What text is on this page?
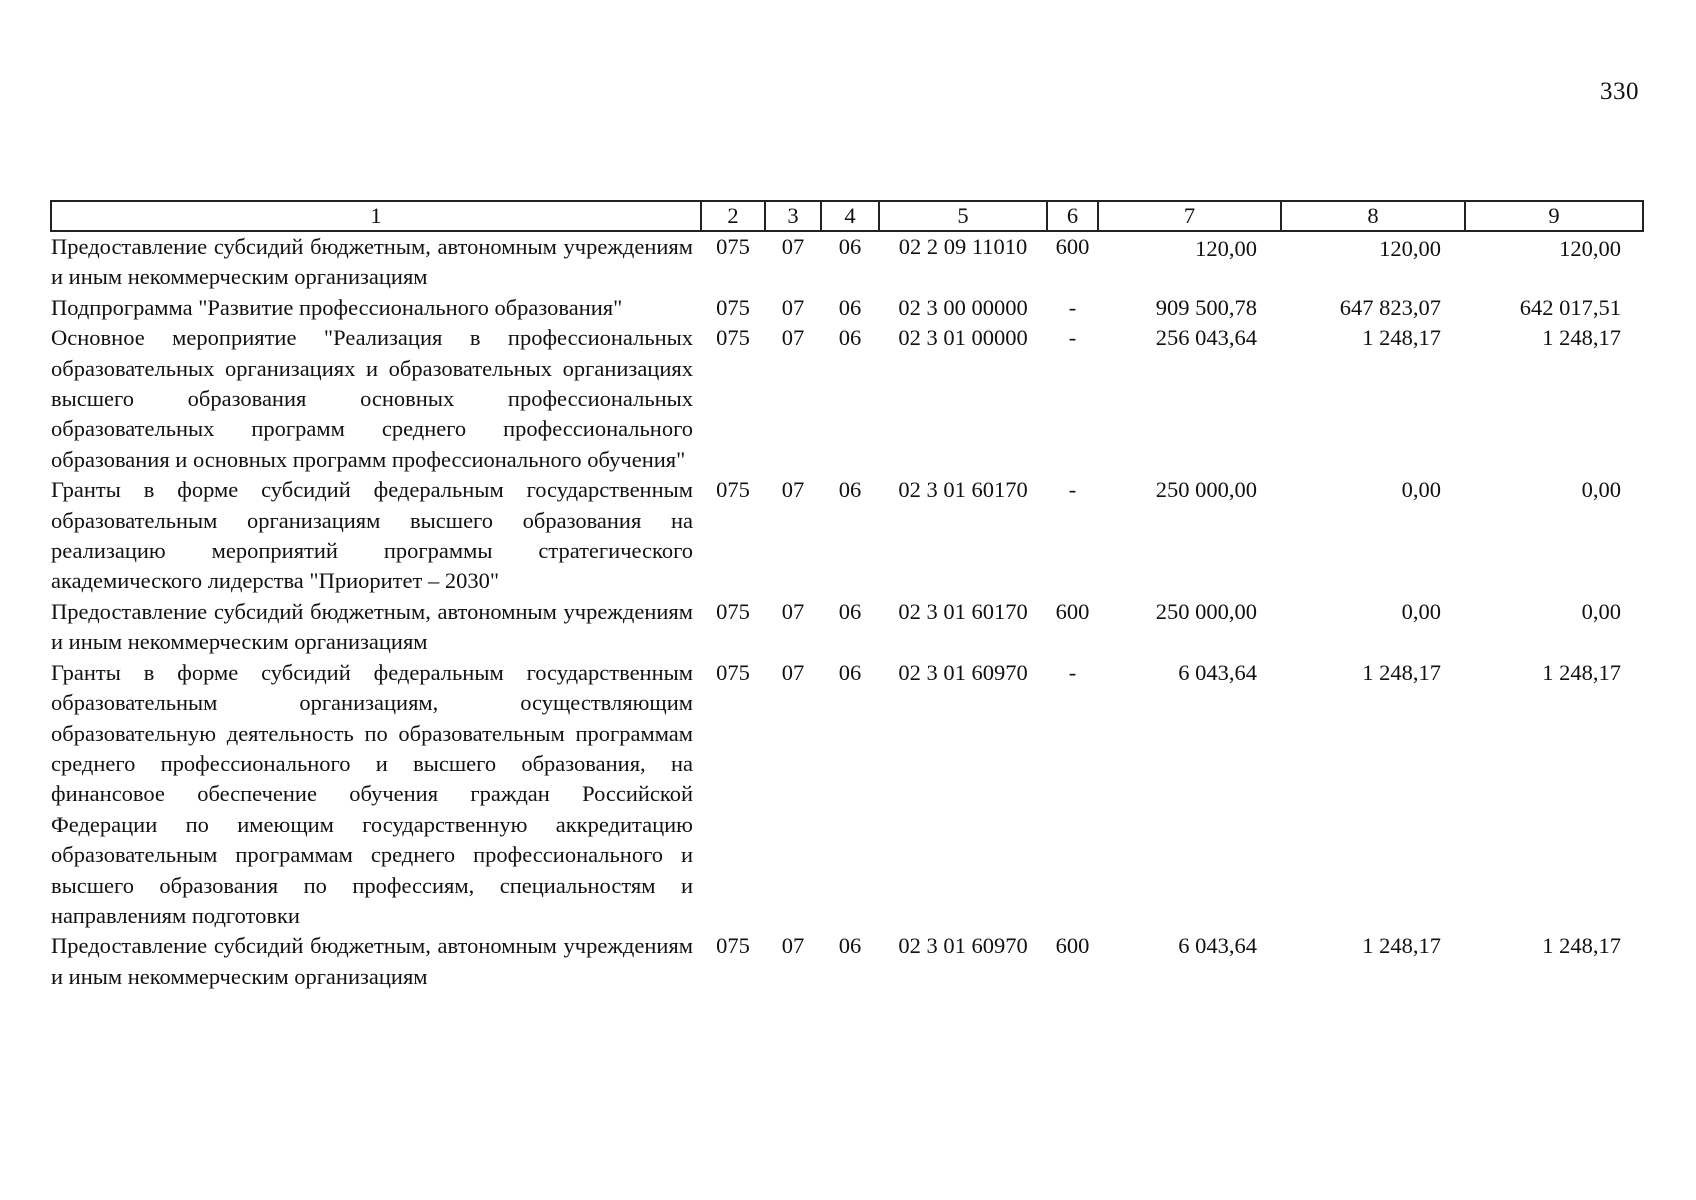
330
1	2	3	4	5	6	7	8	9
Предоставление субсидий бюджетным, автономным учреждениям и иным некоммерческим организациям	075	07	06	02 2 09 11010	600	120,00	120,00	120,00
Подпрограмма "Развитие профессионального образования"	075	07	06	02 3 00 00000	-	909 500,78	647 823,07	642 017,51
Основное мероприятие "Реализация в профессиональных образовательных организациях и образовательных организациях высшего образования основных профессиональных образовательных программ среднего профессионального образования и основных программ профессионального обучения"	075	07	06	02 3 01 00000	-	256 043,64	1 248,17	1 248,17
Гранты в форме субсидий федеральным государственным образовательным организациям высшего образования на реализацию мероприятий программы стратегического академического лидерства "Приоритет – 2030"	075	07	06	02 3 01 60170	-	250 000,00	0,00	0,00
Предоставление субсидий бюджетным, автономным учреждениям и иным некоммерческим организациям	075	07	06	02 3 01 60170	600	250 000,00	0,00	0,00
Гранты в форме субсидий федеральным государственным образовательным организациям, осуществляющим образовательную деятельность по образовательным программам среднего профессионального и высшего образования, на финансовое обеспечение обучения граждан Российской Федерации по имеющим государственную аккредитацию образовательным программам среднего профессионального и высшего образования по профессиям, специальностям и направлениям подготовки	075	07	06	02 3 01 60970	-	6 043,64	1 248,17	1 248,17
Предоставление субсидий бюджетным, автономным учреждениям и иным некоммерческим организациям	075	07	06	02 3 01 60970	600	6 043,64	1 248,17	1 248,17
